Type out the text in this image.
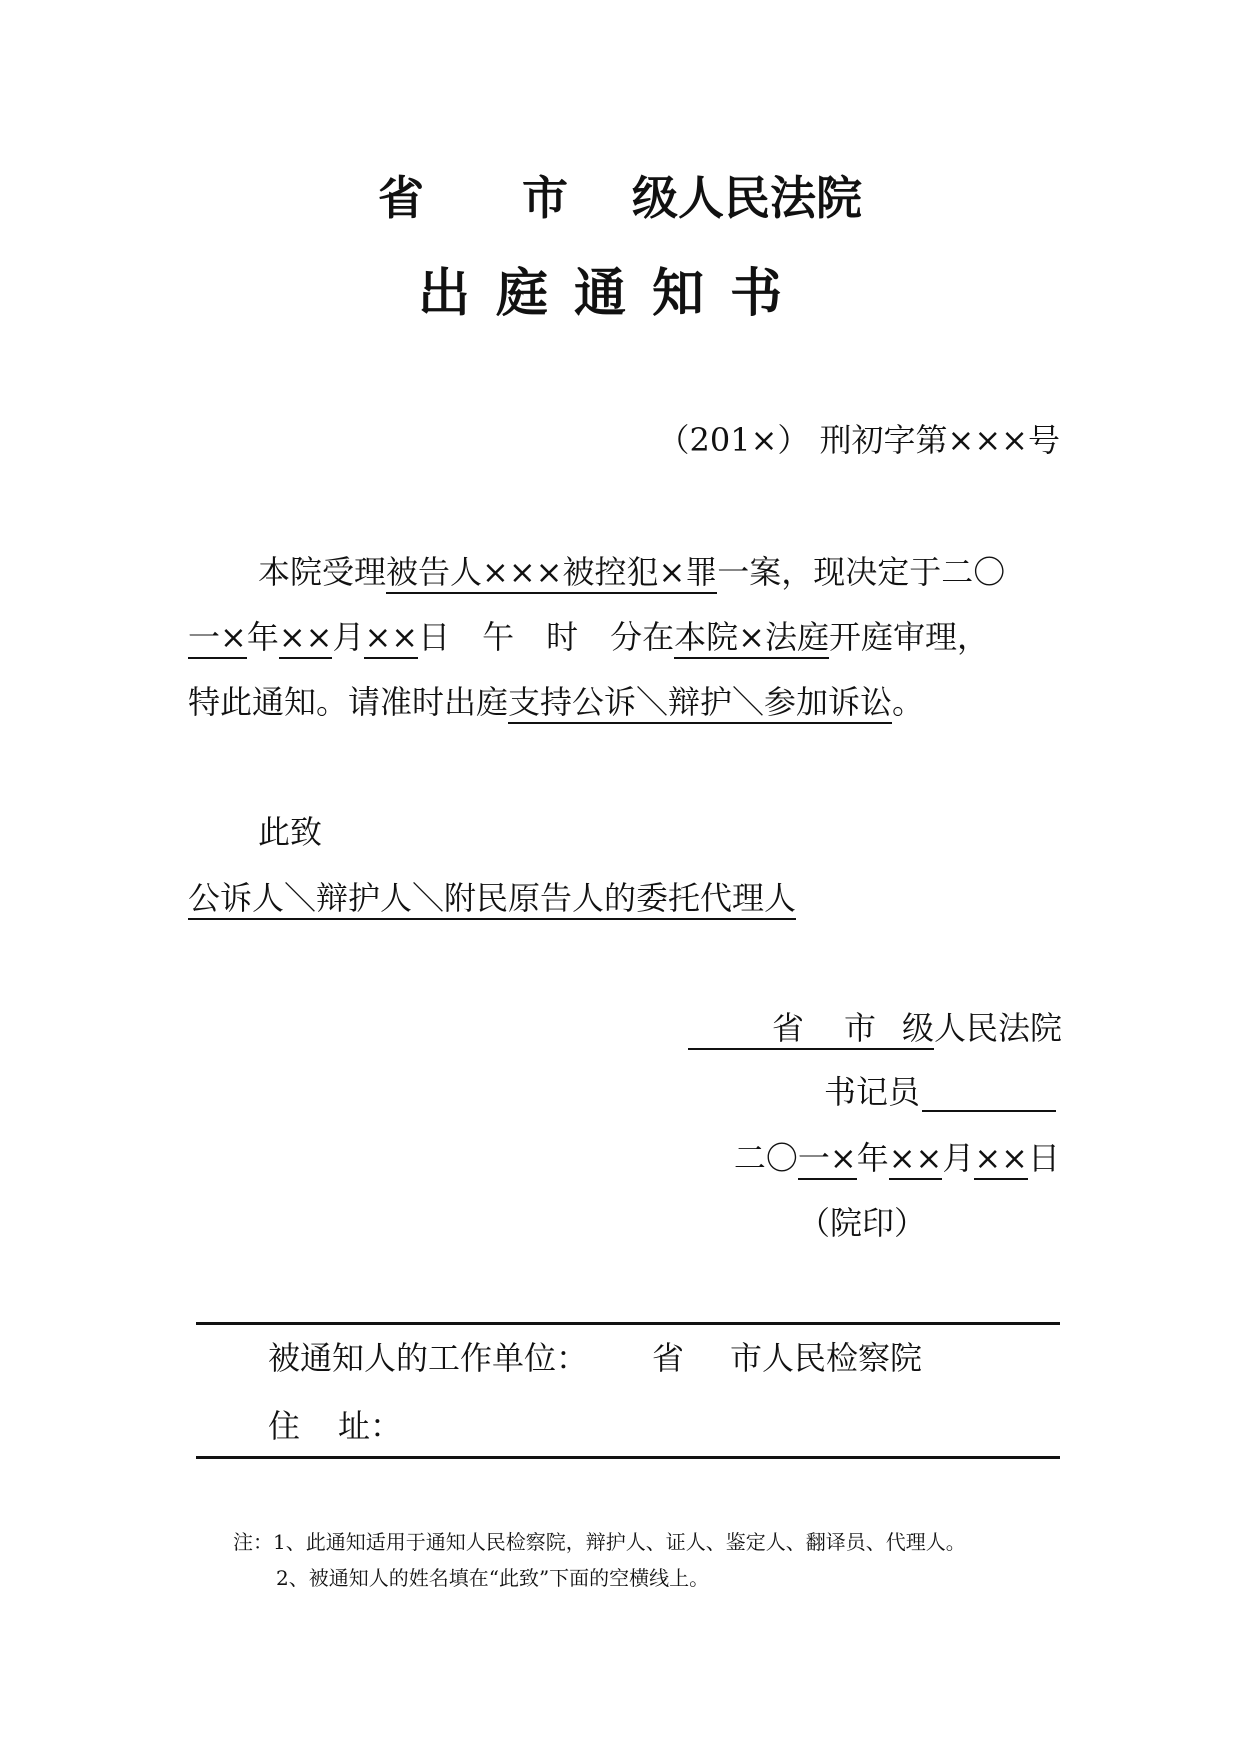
省 市 级人民法院
出庭通知书
（201×） 刑初字第×××号
本院受理被告人×××被控犯×罪一案，现决定于二〇
一×年××月××日　午　时　分在本院×法庭开庭审理，
特此通知。请准时出庭支持公诉＼辩护＼参加诉讼。
此致
公诉人＼辩护人＼附民原告人的委托代理人
省 市 级人民法院
书记员
二〇一×年××月××日
（院印）
被通知人的工作单位： 省 市人民检察院
住 址：
注：1、此通知适用于通知人民检察院，辩护人、证人、鉴定人、翻译员、代理人。
2、被通知人的姓名填在“此致”下面的空横线上。
